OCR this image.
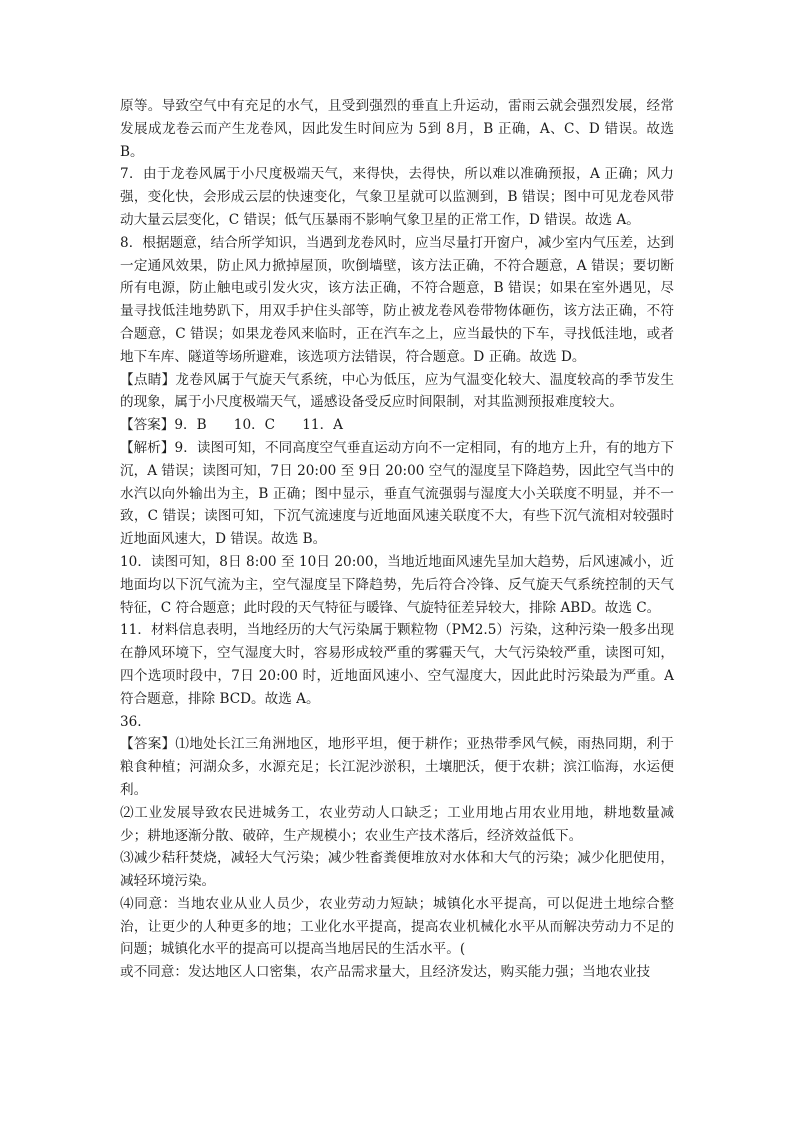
原等。导致空气中有充足的水气，且受到强烈的垂直上升运动，雷雨云就会强烈发展，经常发展成龙卷云而产生龙卷风，因此发生时间应为 5到 8月，B 正确，A、C、D 错误。故选 B。

7．由于龙卷风属于小尺度极端天气，来得快，去得快，所以难以准确预报，A 正确；风力强，变化快，会形成云层的快速变化，气象卫星就可以监测到，B 错误；图中可见龙卷风带动大量云层变化，C 错误；低气压暴雨不影响气象卫星的正常工作，D 错误。故选 A。

8．根据题意，结合所学知识，当遇到龙卷风时，应当尽量打开窗户，减少室内气压差，达到一定通风效果，防止风力掀掉屋顶，吹倒墙壁，该方法正确，不符合题意，A 错误；要切断所有电源，防止触电或引发火灾，该方法正确，不符合题意，B 错误；如果在室外遇见，尽量寻找低洼地势趴下，用双手护住头部等，防止被龙卷风卷带物体砸伤，该方法正确，不符合题意，C 错误；如果龙卷风来临时，正在汽车之上，应当最快的下车，寻找低洼地，或者地下车库、隧道等场所避难，该选项方法错误，符合题意。D 正确。故选 D。

【点睛】龙卷风属于气旋天气系统，中心为低压，应为气温变化较大、温度较高的季节发生的现象，属于小尺度极端天气，遥感设备受反应时间限制，对其监测预报难度较大。

【答案】9．B　　10．C　　11．A

【解析】9．读图可知，不同高度空气垂直运动方向不一定相同，有的地方上升，有的地方下沉，A 错误；读图可知，7日 20:00 至 9日 20:00 空气的湿度呈下降趋势，因此空气当中的水汽以向外输出为主，B 正确；图中显示，垂直气流强弱与湿度大小关联度不明显，并不一致，C 错误；读图可知，下沉气流速度与近地面风速关联度不大，有些下沉气流相对较强时近地面风速大，D 错误。故选 B。

10．读图可知，8日 8:00 至 10日 20:00，当地近地面风速先呈加大趋势，后风速减小，近地面均以下沉气流为主，空气湿度呈下降趋势，先后符合冷锋、反气旋天气系统控制的天气特征，C 符合题意；此时段的天气特征与暖锋、气旋特征差异较大，排除 ABD。故选 C。

11．材料信息表明，当地经历的大气污染属于颗粒物（PM2.5）污染，这种污染一般多出现在静风环境下，空气湿度大时，容易形成较严重的雾霾天气，大气污染较严重，读图可知，四个选项时段中，7日 20:00 时，近地面风速小、空气湿度大，因此此时污染最为严重。A 符合题意，排除 BCD。故选 A。

36.

【答案】⑴地处长江三角洲地区，地形平坦，便于耕作；亚热带季风气候，雨热同期，利于粮食种植；河湖众多，水源充足；长江泥沙淤积，土壤肥沃，便于农耕；滨江临海，水运便利。

⑵工业发展导致农民进城务工，农业劳动人口缺乏；工业用地占用农业用地，耕地数量减少；耕地逐渐分散、破碎，生产规模小；农业生产技术落后，经济效益低下。

⑶减少秸秆焚烧，减轻大气污染；减少牲畜粪便堆放对水体和大气的污染；减少化肥使用，减轻环境污染。

⑷同意：当地农业从业人员少，农业劳动力短缺；城镇化水平提高，可以促进土地综合整治，让更少的人种更多的地；工业化水平提高，提高农业机械化水平从而解决劳动力不足的问题；城镇化水平的提高可以提高当地居民的生活水平。(

或不同意：发达地区人口密集，农产品需求量大，且经济发达，购买能力强；当地农业技
